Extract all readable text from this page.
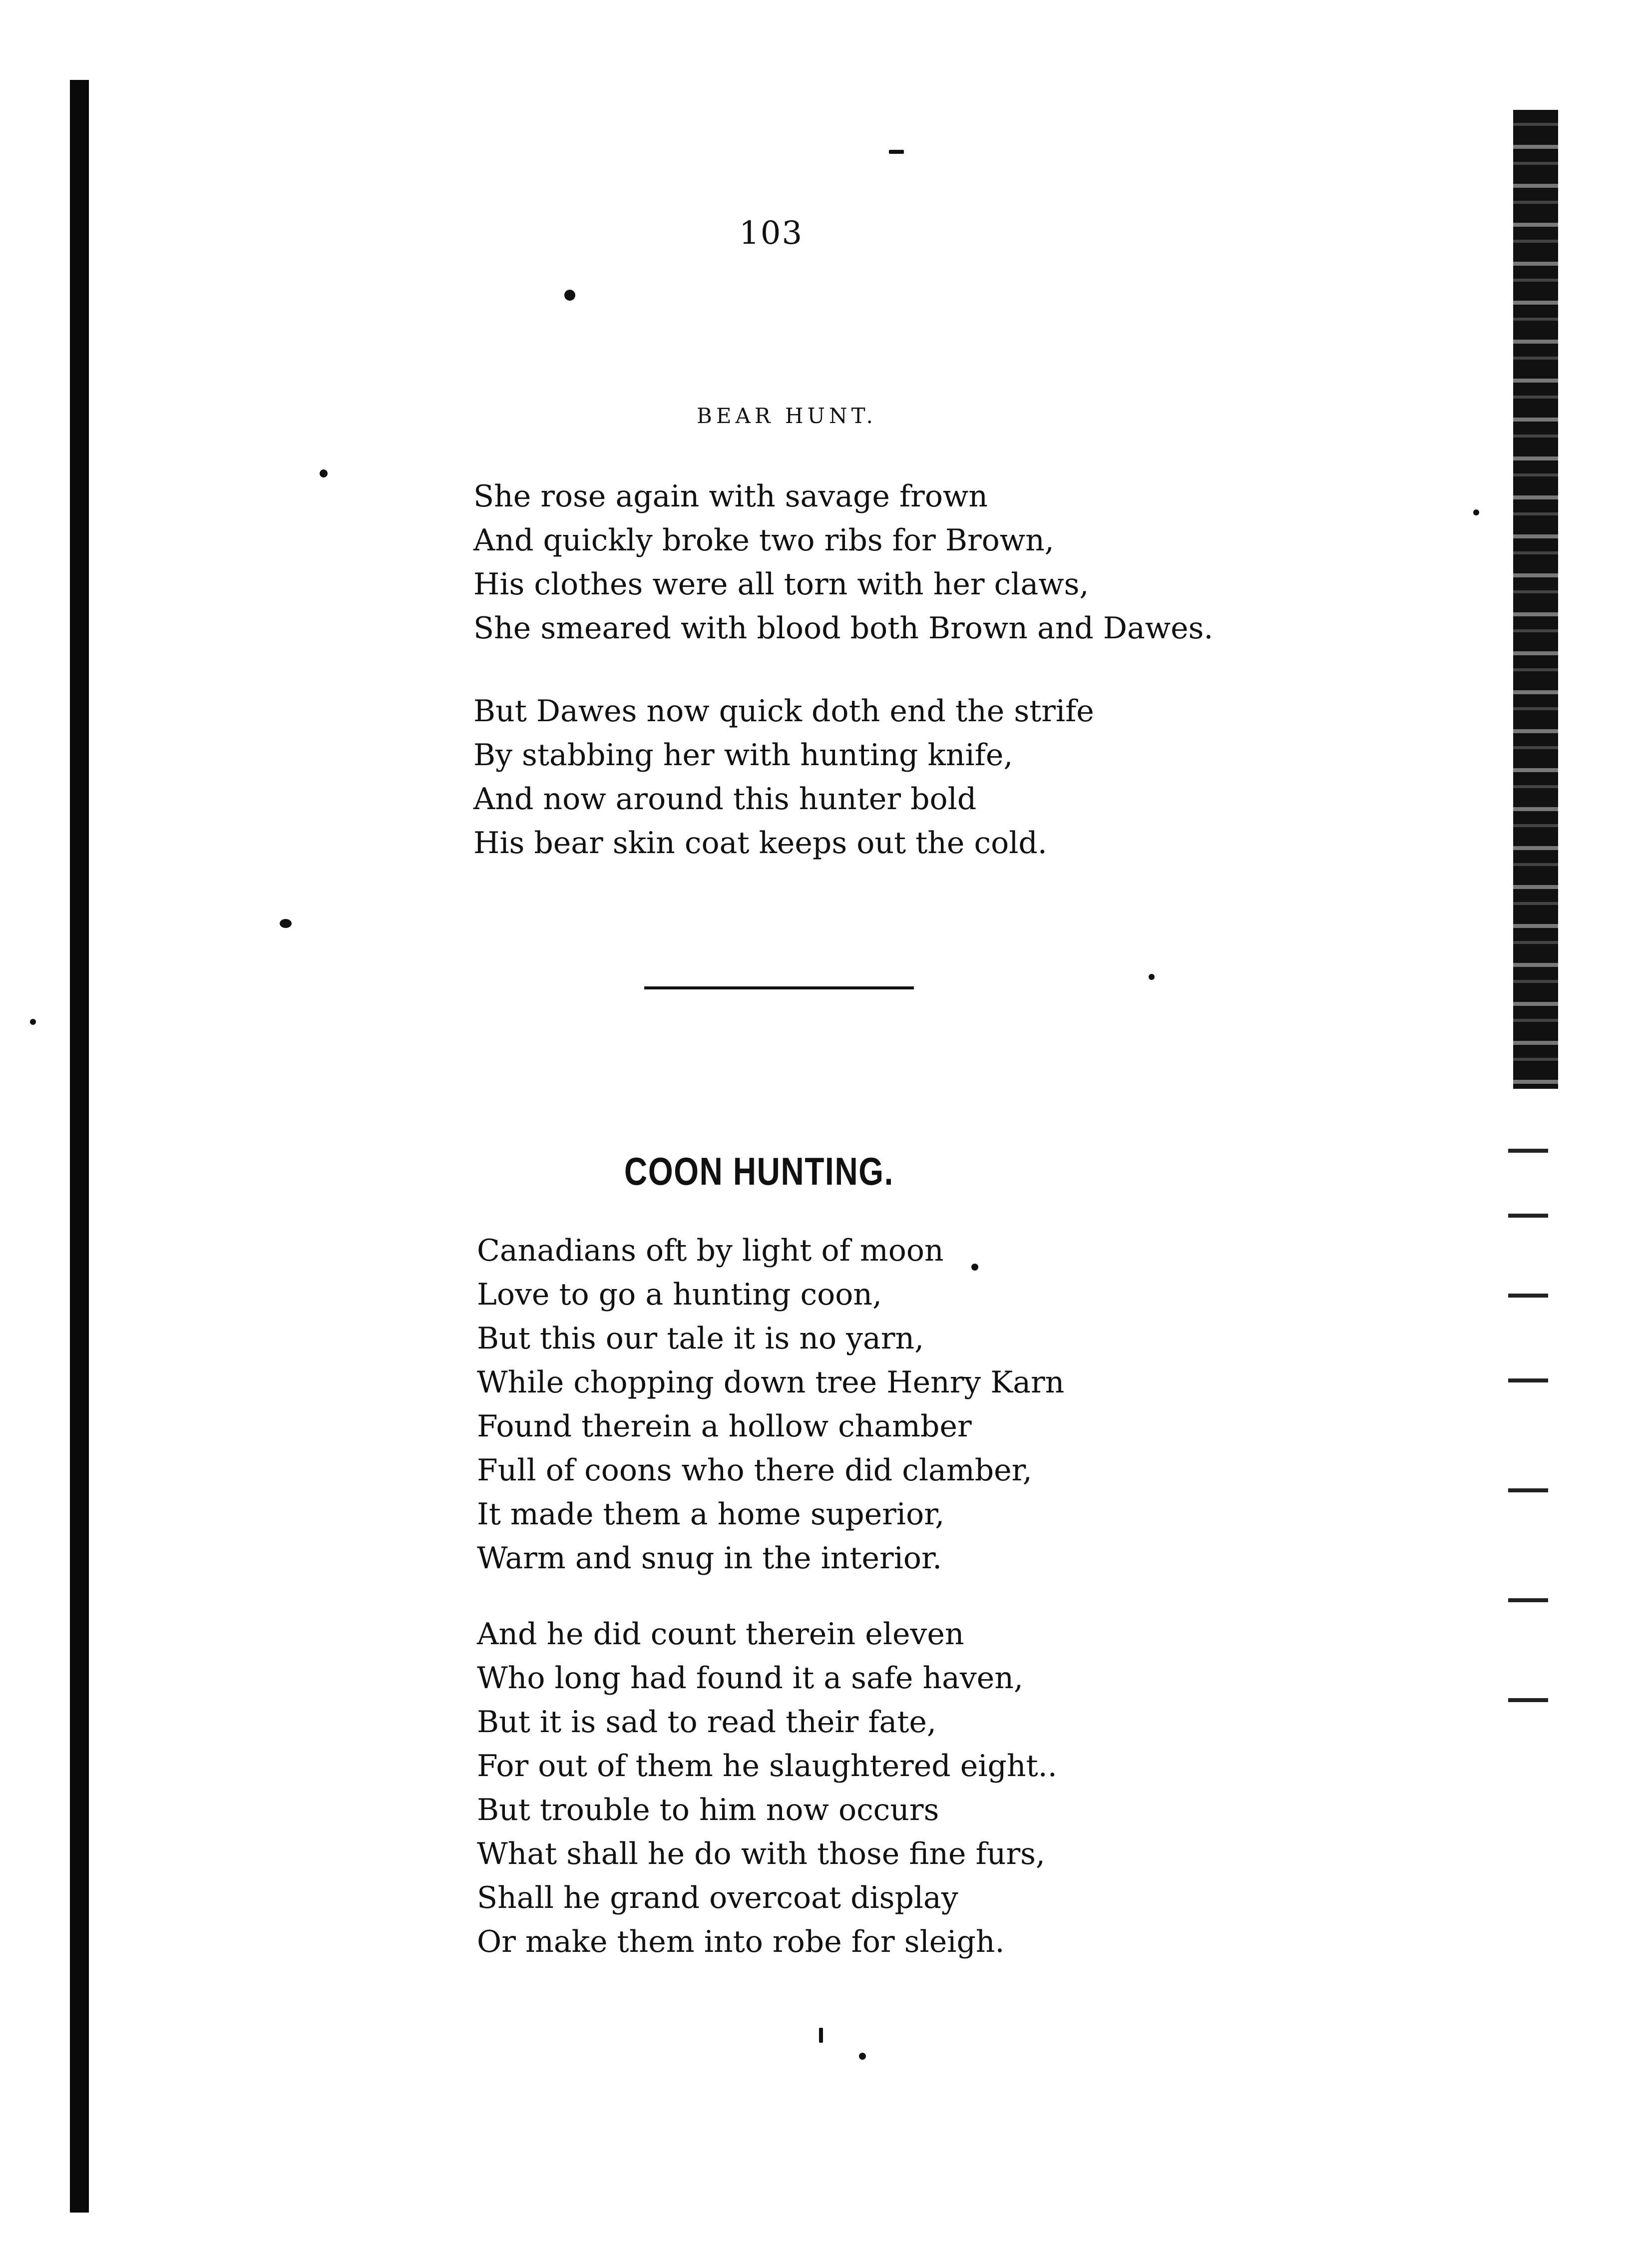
103
BEAR HUNT.
She rose again with savage frown
And quickly broke two ribs for Brown,
His clothes were all torn with her claws,
She smeared with blood both Brown and Dawes.
But Dawes now quick doth end the strife
By stabbing her with hunting knife,
And now around this hunter bold
His bear skin coat keeps out the cold.
COON HUNTING.
Canadians oft by light of moon
Love to go a hunting coon,
But this our tale it is no yarn,
While chopping down tree Henry Karn
Found therein a hollow chamber
Full of coons who there did clamber,
It made them a home superior,
Warm and snug in the interior.
And he did count therein eleven
Who long had found it a safe haven,
But it is sad to read their fate,
For out of them he slaughtered eight..
But trouble to him now occurs
What shall he do with those fine furs,
Shall he grand overcoat display
Or make them into robe for sleigh.
